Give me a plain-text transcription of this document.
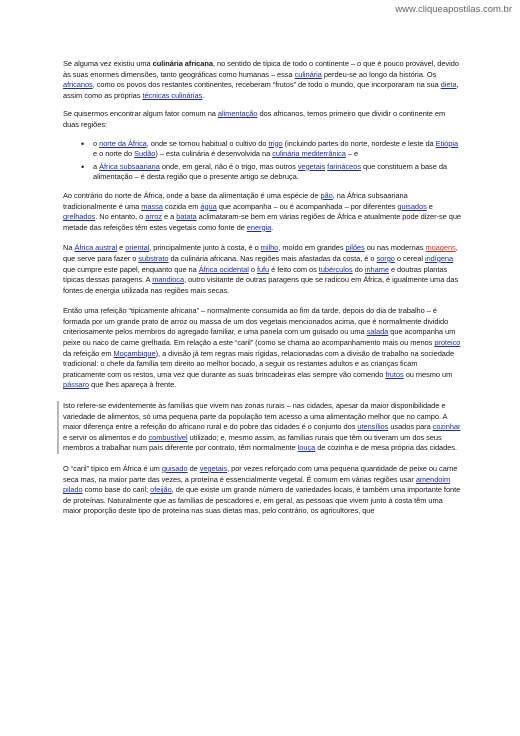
www.cliqueapostilas.com.br

Se alguma vez existiu uma culinária africana, no sentido de típica de todo o continente – o que é pouco provável, devido às suas enormes dimensões, tanto geográficas como humanas – essa culinária perdeu-se ao longo da história. Os africanos, como os povos dos restantes continentes, receberam “frutos” de todo o mundo, que incorporaram na sua dieta, assim como as próprias técnicas culinárias.

Se quisermos encontrar algum fator comum na alimentação dos africanos, temos primeiro que dividir o continente em duas regiões:

• o norte da África, onde se tornou habitual o cultivo do trigo (incluindo partes do norte, nordeste e leste da Etiópia e o norte do Sudão) – esta culinária é desenvolvida na culinária mediterrânica – e
• a África subsaariana onde, em geral, não é o trigo, mas outros vegetais farináceos que constituem a base da alimentação – é desta região que o presente artigo se debruça.

Ao contrário do norte de África, onde a base da alimentação é uma espécie de pão, na África subsaariana tradicionalmente é uma massa cozida em água que acompanha – ou é acompanhada – por diferentes guisados e grelhados. No entanto, o arroz e a batata aclimataram-se bem em várias regiões de África e atualmente pode dizer-se que metade das refeições têm estes vegetais como fonte de energia.

Na África austral e oriental, principalmente junto à costa, é o milho, moído em grandes pilões ou nas modernas moagens, que serve para fazer o substrato da culinária africana. Nas regiões mais afastadas da costa, é o sorgo o cereal indígena que cumpre este papel, enquanto que na África ocidental o fufu é feito com os tubérculos do inhame e doutras plantas típicas dessas paragens. A mandioca, outro visitante de outras paragens que se radicou em África, é igualmente uma das fontes de energia utilizada nas regiões mais secas.

Então uma refeição “tipicamente africana” – normalmente consumida ao fim da tarde, depois do dia de trabalho – é formada por um grande prato de arroz ou massa de um dos vegetais mencionados acima, que é normalmente dividido criteriosamente pelos membros do agregado familiar, e uma panela com um guisado ou uma salada que acompanha um peixe ou naco de carne grelhada. Em relação a este “caril” (como se chama ao acompanhamento mais ou menos proteico da refeição em Moçambique), a divisão já tem regras mais rígidas, relacionadas com a divisão de trabalho na sociedade tradicional: o chefe da família tem direito ao melhor bocado, a seguir os restantes adultos e as crianças ficam praticamente com os restos, uma vez que durante as suas brincadeiras elas sempre vão comendo frutos ou mesmo um pássaro que lhes apareça à frente.

Isto refere-se evidentemente às famílias que vivem nas zonas rurais – nas cidades, apesar da maior disponibilidade e variedade de alimentos, só uma pequena parte da população tem acesso a uma alimentação melhor que no campo. A maior diferença entre a refeição do africano rural e do pobre das cidades é o conjunto dos utensílios usados para cozinhar e servir os alimentos e do combustível utilizado; e, mesmo assim, as famílias rurais que têm ou tiveram um dos seus membros a trabalhar num país diferente por contrato, têm normalmente louça de cozinha e de mesa própria das cidades.

O “caril” típico em África é um guisado de vegetais, por vezes reforçado com uma pequena quantidade de peixe ou carne seca mas, na maior parte das vezes, a proteína é essencialmente vegetal. É comum em várias regiões usar amendoim pilado como base do caril; ofeijão, de que existe um grande número de variedades locais, é também uma importante fonte de proteínas. Naturalmente que as famílias de pescadores e, em geral, as pessoas que vivem junto à costa têm uma maior proporção deste tipo de proteína nas suas dietas mas, pelo contrário, os agricultores, que
